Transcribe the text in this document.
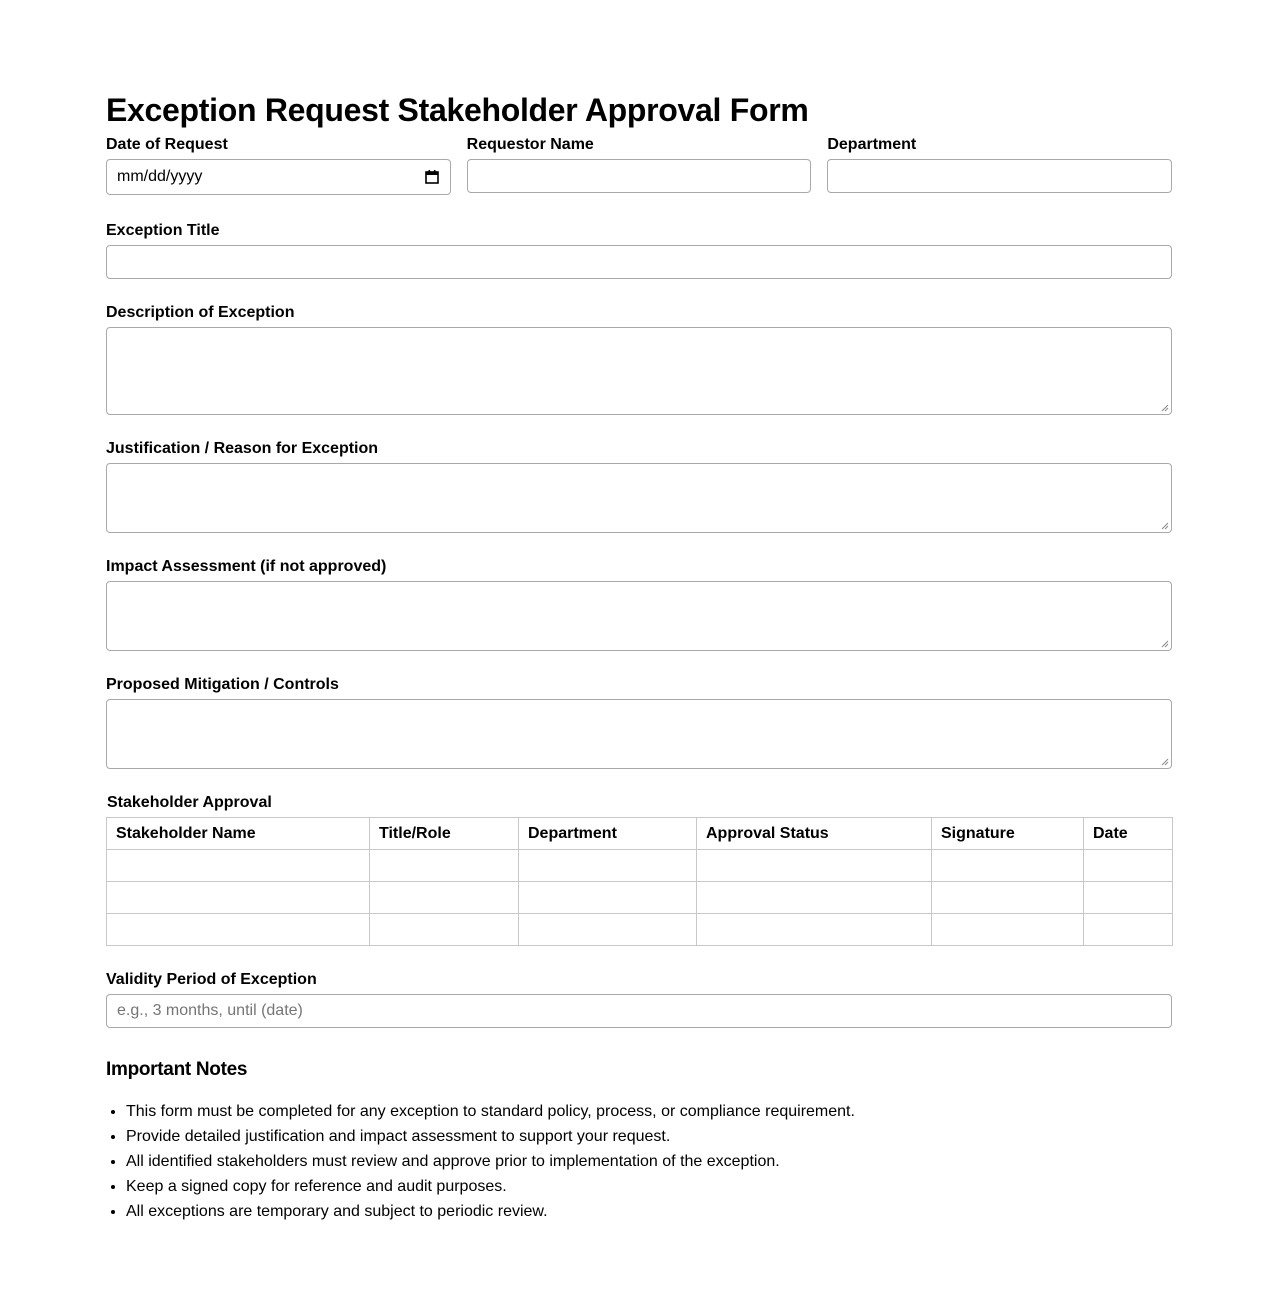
Exception Request Stakeholder Approval Form
Date of Request
mm/dd/yyyy
Requestor Name	Department
Exception Title
Description of Exception
Justification / Reason for Exception
Impact Assessment (if not approved)
Proposed Mitigation / Controls
Stakeholder Approval
Stakeholder Name	Title/Role	Department	Approval Status	Signature	Date

Validity Period of Exception
e.g., 3 months, until (date)
Important Notes
• This form must be completed for any exception to standard policy, process, or compliance requirement.
• Provide detailed justification and impact assessment to support your request.
• All identified stakeholders must review and approve prior to implementation of the exception.
• Keep a signed copy for reference and audit purposes.
• All exceptions are temporary and subject to periodic review.
